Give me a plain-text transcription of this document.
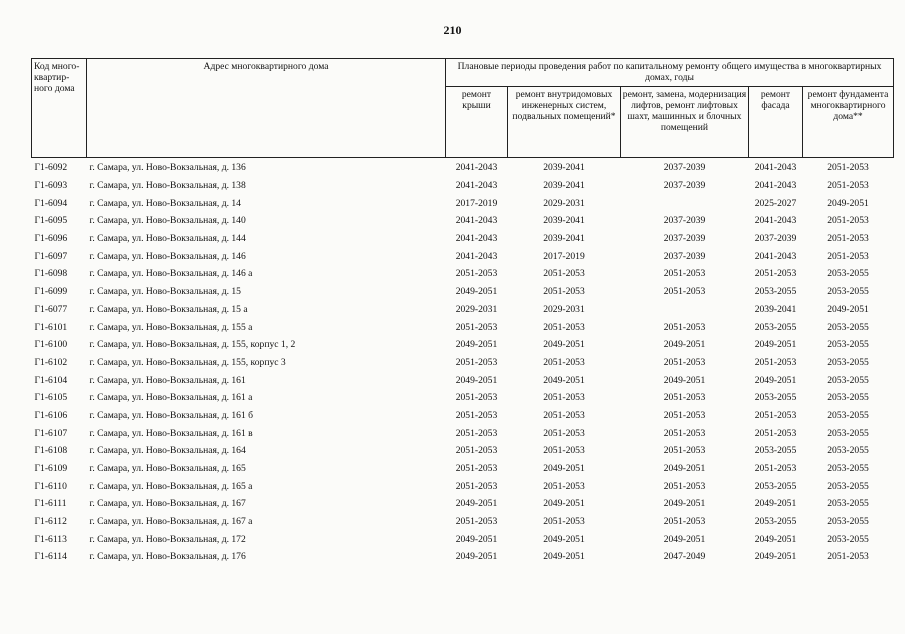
210
Код много-квартир-ного дома	Адрес многоквартирного дома	Плановые периоды проведения работ по капитальному ремонту общего имущества в многоквартирных домах, годы				
		ремонт крыши	ремонт внутридомовых инженерных систем, подвальных помещений*	ремонт, замена, модернизация лифтов, ремонт лифтовых шахт, машинных и блочных помещений	ремонт фасада	ремонт фундамента многоквартирного дома**
Г1-6092	г. Самара, ул. Ново-Вокзальная, д. 136	2041-2043	2039-2041	2037-2039	2041-2043	2051-2053
Г1-6093	г. Самара, ул. Ново-Вокзальная, д. 138	2041-2043	2039-2041	2037-2039	2041-2043	2051-2053
Г1-6094	г. Самара, ул. Ново-Вокзальная, д. 14	2017-2019	2029-2031		2025-2027	2049-2051
Г1-6095	г. Самара, ул. Ново-Вокзальная, д. 140	2041-2043	2039-2041	2037-2039	2041-2043	2051-2053
Г1-6096	г. Самара, ул. Ново-Вокзальная, д. 144	2041-2043	2039-2041	2037-2039	2037-2039	2051-2053
Г1-6097	г. Самара, ул. Ново-Вокзальная, д. 146	2041-2043	2017-2019	2037-2039	2041-2043	2051-2053
Г1-6098	г. Самара, ул. Ново-Вокзальная, д. 146 а	2051-2053	2051-2053	2051-2053	2051-2053	2053-2055
Г1-6099	г. Самара, ул. Ново-Вокзальная, д. 15	2049-2051	2051-2053	2051-2053	2053-2055	2053-2055
Г1-6077	г. Самара, ул. Ново-Вокзальная, д. 15 а	2029-2031	2029-2031		2039-2041	2049-2051
Г1-6101	г. Самара, ул. Ново-Вокзальная, д. 155 а	2051-2053	2051-2053	2051-2053	2053-2055	2053-2055
Г1-6100	г. Самара, ул. Ново-Вокзальная, д. 155, корпус 1, 2	2049-2051	2049-2051	2049-2051	2049-2051	2053-2055
Г1-6102	г. Самара, ул. Ново-Вокзальная, д. 155, корпус 3	2051-2053	2051-2053	2051-2053	2051-2053	2053-2055
Г1-6104	г. Самара, ул. Ново-Вокзальная, д. 161	2049-2051	2049-2051	2049-2051	2049-2051	2053-2055
Г1-6105	г. Самара, ул. Ново-Вокзальная, д. 161 а	2051-2053	2051-2053	2051-2053	2053-2055	2053-2055
Г1-6106	г. Самара, ул. Ново-Вокзальная, д. 161 б	2051-2053	2051-2053	2051-2053	2051-2053	2053-2055
Г1-6107	г. Самара, ул. Ново-Вокзальная, д. 161 в	2051-2053	2051-2053	2051-2053	2051-2053	2053-2055
Г1-6108	г. Самара, ул. Ново-Вокзальная, д. 164	2051-2053	2051-2053	2051-2053	2053-2055	2053-2055
Г1-6109	г. Самара, ул. Ново-Вокзальная, д. 165	2051-2053	2049-2051	2049-2051	2051-2053	2053-2055
Г1-6110	г. Самара, ул. Ново-Вокзальная, д. 165 а	2051-2053	2051-2053	2051-2053	2053-2055	2053-2055
Г1-6111	г. Самара, ул. Ново-Вокзальная, д. 167	2049-2051	2049-2051	2049-2051	2049-2051	2053-2055
Г1-6112	г. Самара, ул. Ново-Вокзальная, д. 167 а	2051-2053	2051-2053	2051-2053	2053-2055	2053-2055
Г1-6113	г. Самара, ул. Ново-Вокзальная, д. 172	2049-2051	2049-2051	2049-2051	2049-2051	2053-2055
Г1-6114	г. Самара, ул. Ново-Вокзальная, д. 176	2049-2051	2049-2051	2047-2049	2049-2051	2051-2053
